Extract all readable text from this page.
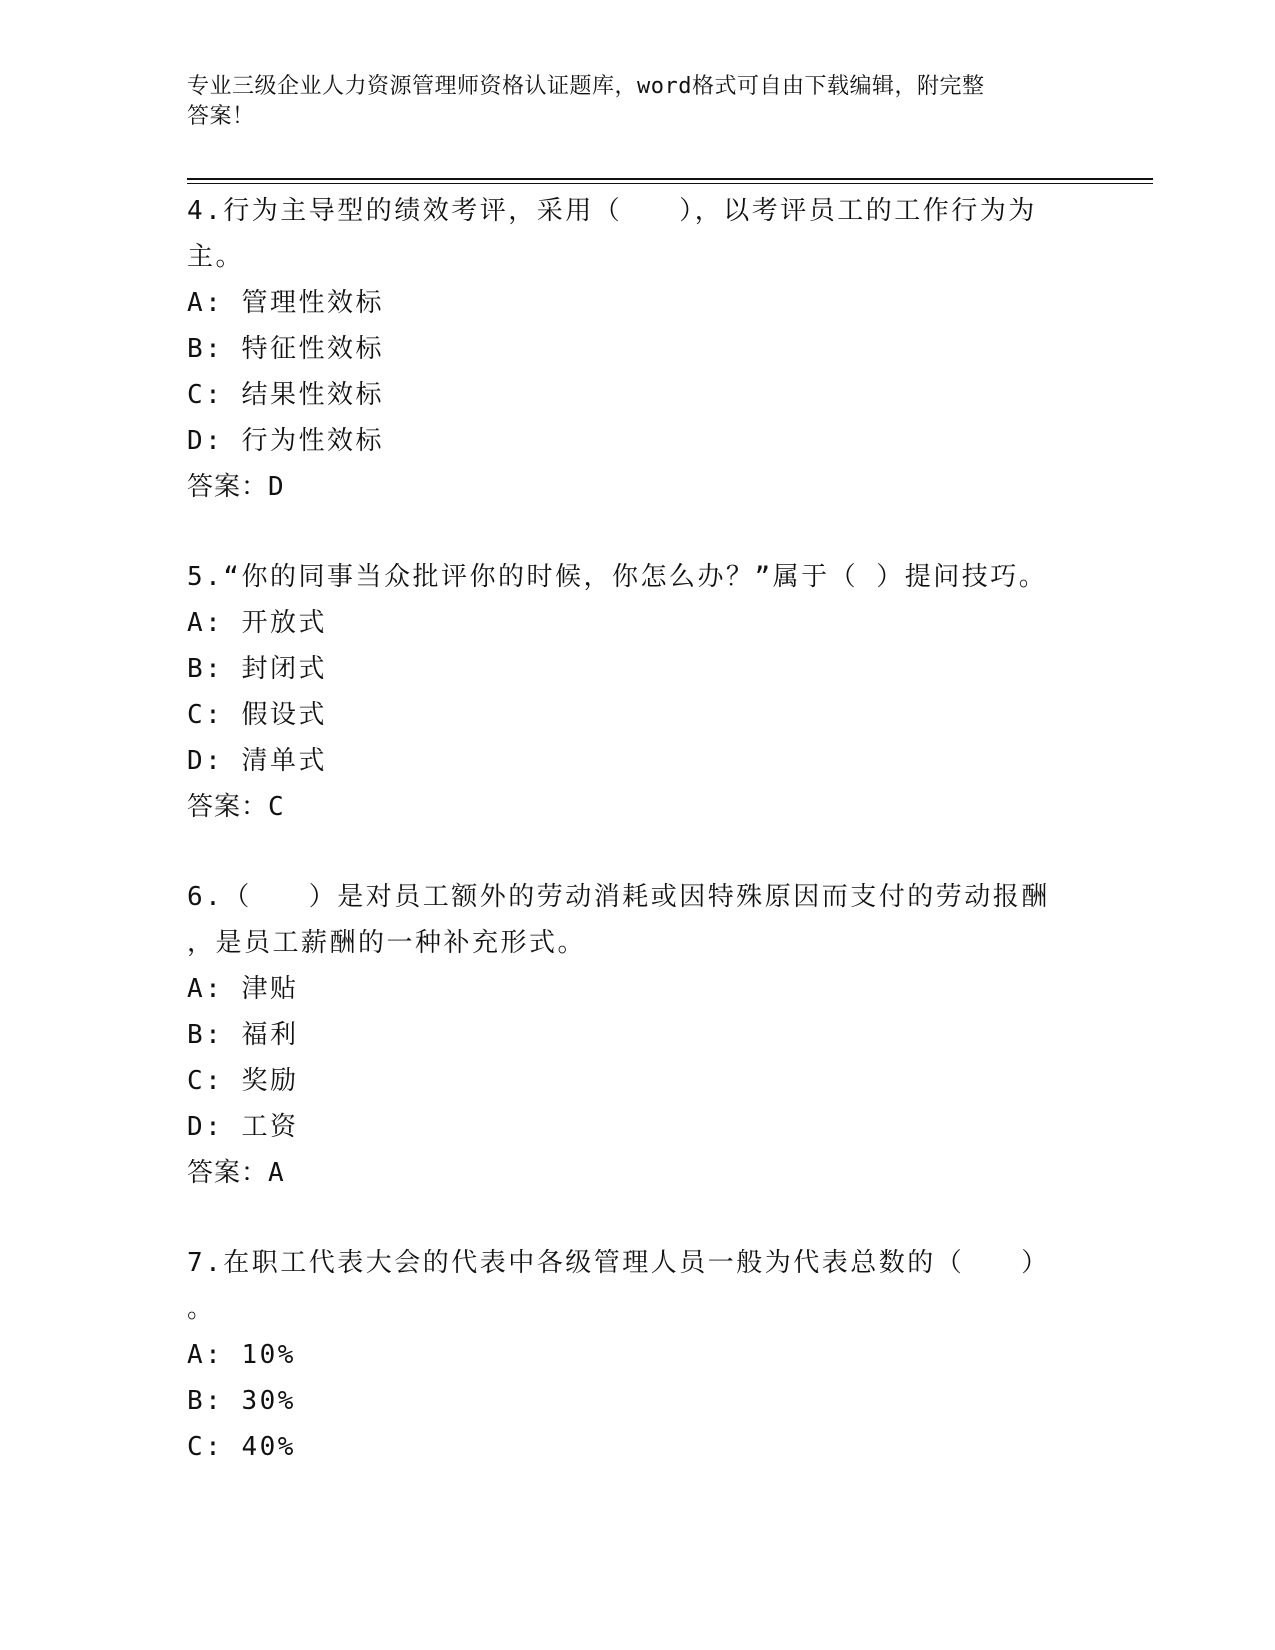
专业三级企业人力资源管理师资格认证题库，word格式可自由下载编辑，附完整
答案！
4.行为主导型的绩效考评，采用（　　），以考评员工的工作行为为
主。
A: 管理性效标
B: 特征性效标
C: 结果性效标
D: 行为性效标
答案：D
5.“你的同事当众批评你的时候，你怎么办？”属于（ ）提问技巧。
A: 开放式
B: 封闭式
C: 假设式
D: 清单式
答案：C
6.（　　）是对员工额外的劳动消耗或因特殊原因而支付的劳动报酬
，是员工薪酬的一种补充形式。
A: 津贴
B: 福利
C: 奖励
D: 工资
答案：A
7.在职工代表大会的代表中各级管理人员一般为代表总数的（　　）
。
A: 10%
B: 30%
C: 40%
